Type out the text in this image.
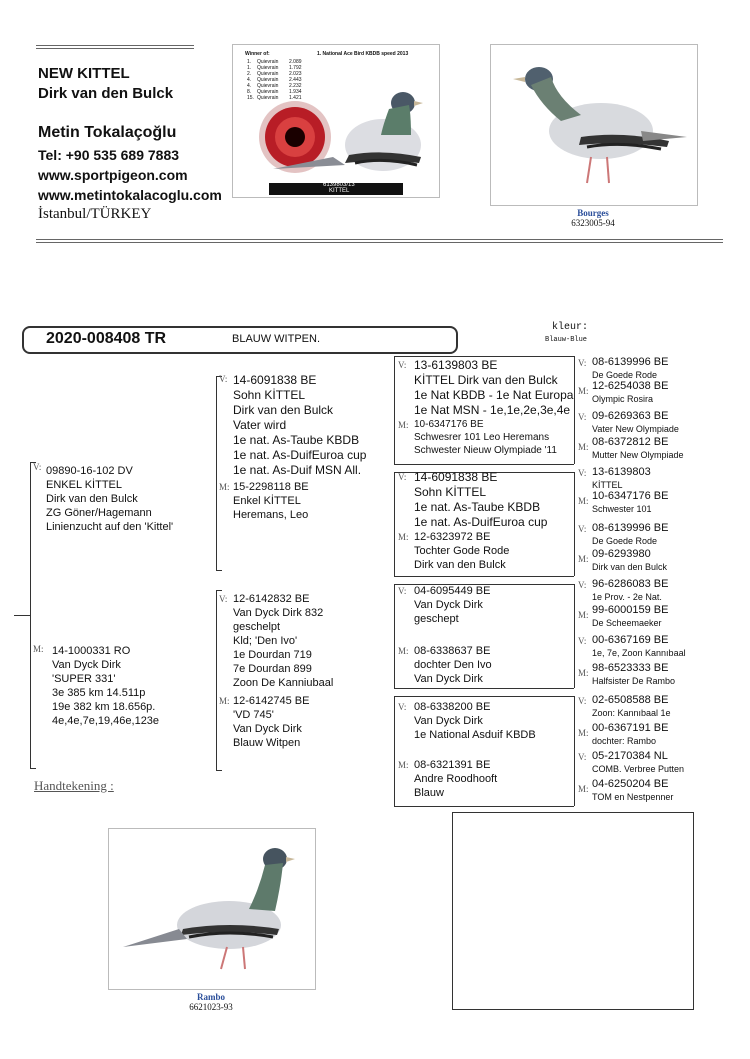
NEW KITTEL
Dirk van den Bulck
Metin Tokalaçoğlu
Tel: +90 535 689 7883
www.sportpigeon.com
www.metintokalacoglu.com
İstanbul/TÜRKEY
Winner of:	1. National Ace Bird KBDB speed 2013
1. Quievrain 2.089
1. Quievrain 1.792
2. Quievrain 2.023
4. Quievrain 2.443
4. Quievrain 2.232
8. Quievrain 1.934
15. Quievrain 1.421
6139803/13
KITTEL
Bourges
6323005-94
2020-008408 TR	BLAUW WITPEN.
kleur:
Blauw-Blue
V: 09890-16-102 DV
ENKEL KİTTEL
Dirk van den Bulck
ZG Göner/Hagemann
Linienzucht auf den 'Kittel'
M: 14-1000331 RO
Van Dyck Dirk
'SUPER 331'
3e 385 km 14.511p
19e 382 km 18.656p.
4e,4e,7e,19,46e,123e
Handtekening :
V: 14-6091838 BE
Sohn KİTTEL
Dirk van den Bulck
Vater wird
1e nat. As-Taube KBDB
1e nat. As-DuifEuroa cup
1e nat. As-Duif MSN All.
M: 15-2298118 BE
Enkel KİTTEL
Heremans, Leo
V: 12-6142832 BE
Van Dyck Dirk 832
geschelpt
Kld; 'Den Ivo'
1e Dourdan 719
7e Dourdan 899
Zoon De Kanniubaal
M: 12-6142745 BE
'VD 745'
Van Dyck Dirk
Blauw Witpen
V: 13-6139803 BE
KİTTEL Dirk van den Bulck
1e Nat KBDB - 1e Nat Europa
1e Nat MSN - 1e,1e,2e,3e,4e
M: 10-6347176 BE
Schwesrer 101 Leo Heremans
Schwester Nieuw Olympiade '11
V: 14-6091838 BE
Sohn KİTTEL
1e nat. As-Taube KBDB
1e nat. As-DuifEuroa cup
M: 12-6323972 BE
Tochter Gode Rode
Dirk van den Bulck
V: 04-6095449 BE
Van Dyck Dirk
geschept
M: 08-6338637 BE
dochter Den Ivo
Van Dyck Dirk
V: 08-6338200 BE
Van Dyck Dirk
1e National Asduif KBDB
M: 08-6321391 BE
Andre Roodhooft
Blauw
V: 08-6139996 BE
De Goede Rode
M: 12-6254038 BE
Olympic Rosira
V: 09-6269363 BE
Vater New Olympiade
M: 08-6372812 BE
Mutter New Olympiade
V: 13-6139803
KİTTEL
M: 10-6347176 BE
Schwester 101
V: 08-6139996 BE
De Goede Rode
M: 09-6293980
Dirk van den Bulck
V: 96-6286083 BE
1e Prov. - 2e Nat.
M: 99-6000159 BE
De Scheemaeker
V: 00-6367169 BE
1e, 7e, Zoon Kannıbaal
M: 98-6523333 BE
Halfsister De Rambo
V: 02-6508588 BE
Zoon: Kannıbaal 1e
M: 00-6367191 BE
dochter: Rambo
V: 05-2170384 NL
COMB. Verbree Putten
M: 04-6250204 BE
TOM en Nestpenner
Rambo
6621023-93
